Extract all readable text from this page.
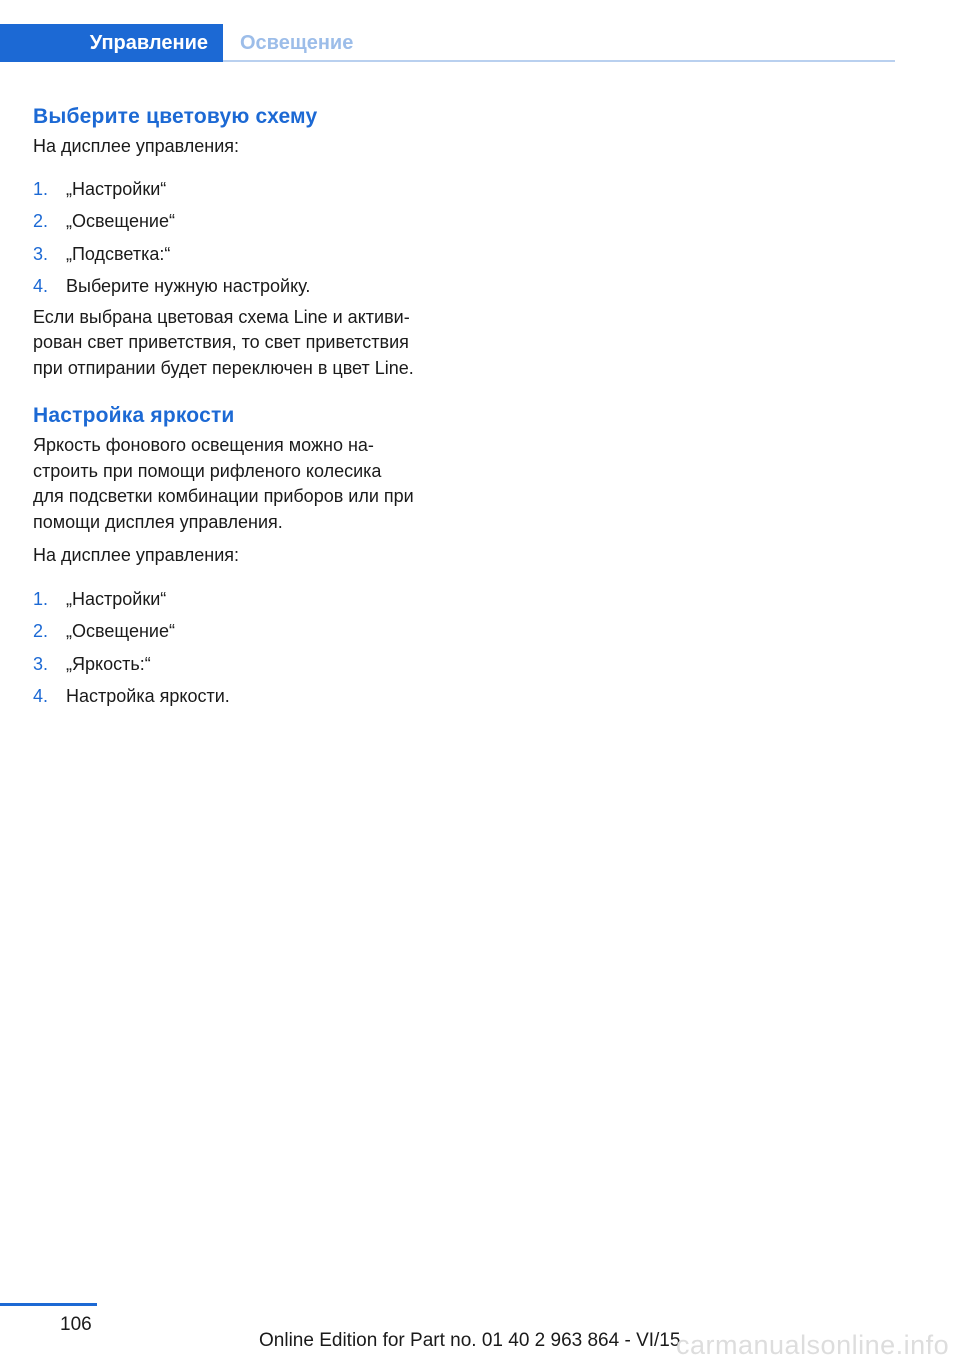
Управление	Освещение
Выберите цветовую схему

На дисплее управления:

1. „Настройки“
2. „Освещение“
3. „Подсветка:“
4. Выберите нужную настройку.
Если выбрана цветовая схема Line и активи‐
рован свет приветствия, то свет приветствия
при отпирании будет переключен в цвет Line.
Настройка яркости
Яркость фонового освещения можно на‐
строить при помощи рифленого колесика
для подсветки комбинации приборов или при
помощи дисплея управления.

На дисплее управления:

1. „Настройки“
2. „Освещение“
3. „Яркость:“
4. Настройка яркости.
106
Online Edition for Part no. 01 40 2 963 864 - VI/15
carmanualsonline.info
